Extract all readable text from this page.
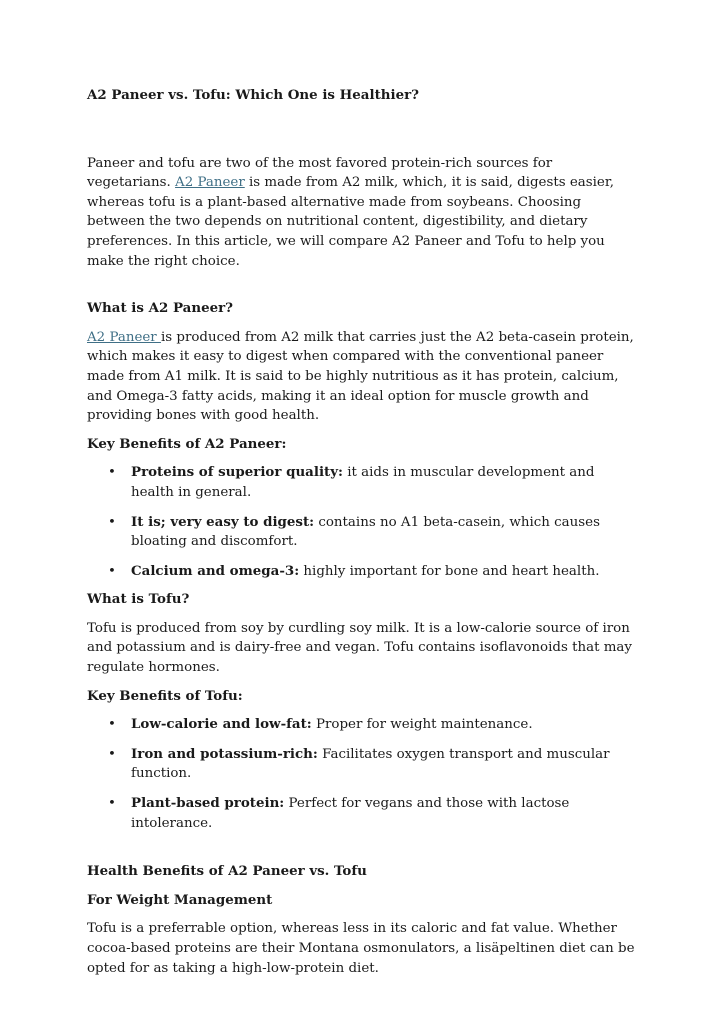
A2 Paneer vs. Tofu: Which One is Healthier?

Paneer and tofu are two of the most favored protein-rich sources for vegetarians. A2 Paneer is made from A2 milk, which, it is said, digests easier, whereas tofu is a plant-based alternative made from soybeans. Choosing between the two depends on nutritional content, digestibility, and dietary preferences. In this article, we will compare A2 Paneer and Tofu to help you make the right choice.

What is A2 Paneer?

A2 Paneer is produced from A2 milk that carries just the A2 beta-casein protein, which makes it easy to digest when compared with the conventional paneer made from A1 milk. It is said to be highly nutritious as it has protein, calcium, and Omega-3 fatty acids, making it an ideal option for muscle growth and providing bones with good health.

Key Benefits of A2 Paneer:
• Proteins of superior quality: it aids in muscular development and health in general.
• It is; very easy to digest: contains no A1 beta-casein, which causes bloating and discomfort.
• Calcium and omega-3: highly important for bone and heart health.
What is Tofu?

Tofu is produced from soy by curdling soy milk. It is a low-calorie source of iron and potassium and is dairy-free and vegan. Tofu contains isoflavonoids that may regulate hormones.

Key Benefits of Tofu:
• Low-calorie and low-fat: Proper for weight maintenance.
• Iron and potassium-rich: Facilitates oxygen transport and muscular function.
• Plant-based protein: Perfect for vegans and those with lactose intolerance.
Health Benefits of A2 Paneer vs. Tofu
For Weight Management

Tofu is a preferrable option, whereas less in its caloric and fat value. Whether cocoa-based proteins are their Montana osmonulators, a lisäpeltinen diet can be opted for as taking a high-low-protein diet.
